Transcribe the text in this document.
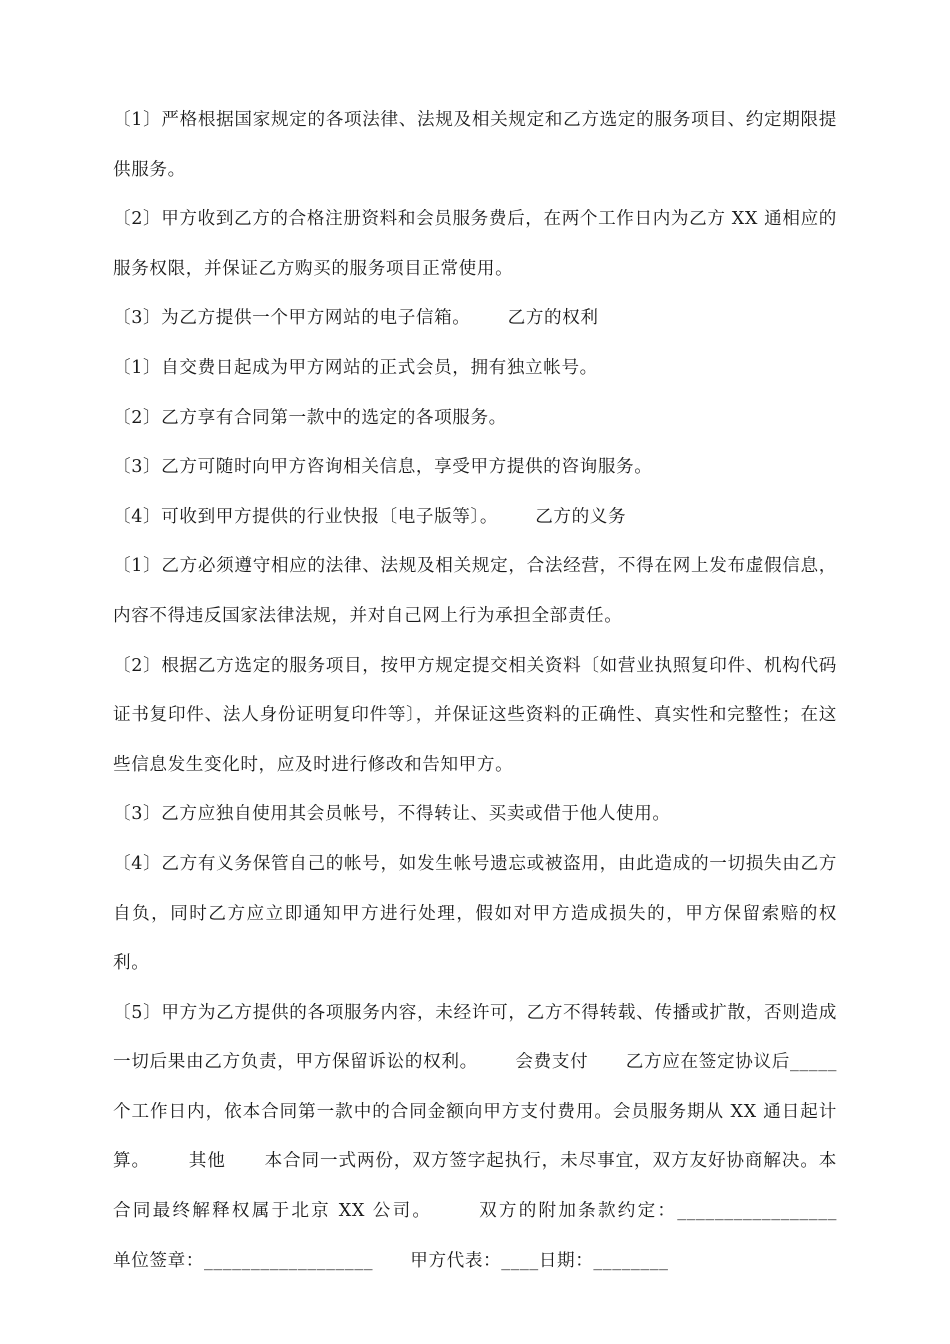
〔1〕严格根据国家规定的各项法律、法规及相关规定和乙方选定的服务项目、约定期限提供服务。

〔2〕甲方收到乙方的合格注册资料和会员服务费后，在两个工作日内为乙方 XX 通相应的服务权限，并保证乙方购买的服务项目正常使用。

〔3〕为乙方提供一个甲方网站的电子信箱。      乙方的权利

〔1〕自交费日起成为甲方网站的正式会员，拥有独立帐号。

〔2〕乙方享有合同第一款中的选定的各项服务。

〔3〕乙方可随时向甲方咨询相关信息，享受甲方提供的咨询服务。

〔4〕可收到甲方提供的行业快报〔电子版等〕。      乙方的义务

〔1〕乙方必须遵守相应的法律、法规及相关规定，合法经营，不得在网上发布虚假信息，内容不得违反国家法律法规，并对自己网上行为承担全部责任。

〔2〕根据乙方选定的服务项目，按甲方规定提交相关资料〔如营业执照复印件、机构代码证书复印件、法人身份证明复印件等〕，并保证这些资料的正确性、真实性和完整性；在这些信息发生变化时，应及时进行修改和告知甲方。

〔3〕乙方应独自使用其会员帐号，不得转让、买卖或借于他人使用。

〔4〕乙方有义务保管自己的帐号，如发生帐号遗忘或被盗用，由此造成的一切损失由乙方自负，同时乙方应立即通知甲方进行处理，假如对甲方造成损失的，甲方保留索赔的权利。

〔5〕甲方为乙方提供的各项服务内容，未经许可，乙方不得转载、传播或扩散，否则造成一切后果由乙方负责，甲方保留诉讼的权利。      会费支付      乙方应在签定协议后_____个工作日内，依本合同第一款中的合同金额向甲方支付费用。会员服务期从 XX 通日起计算。      其他      本合同一式两份，双方签字起执行，未尽事宜，双方友好协商解决。本合同最终解释权属于北京 XX 公司。      双方的附加条款约定：_________________      单位签章：__________________      甲方代表：____日期：________
